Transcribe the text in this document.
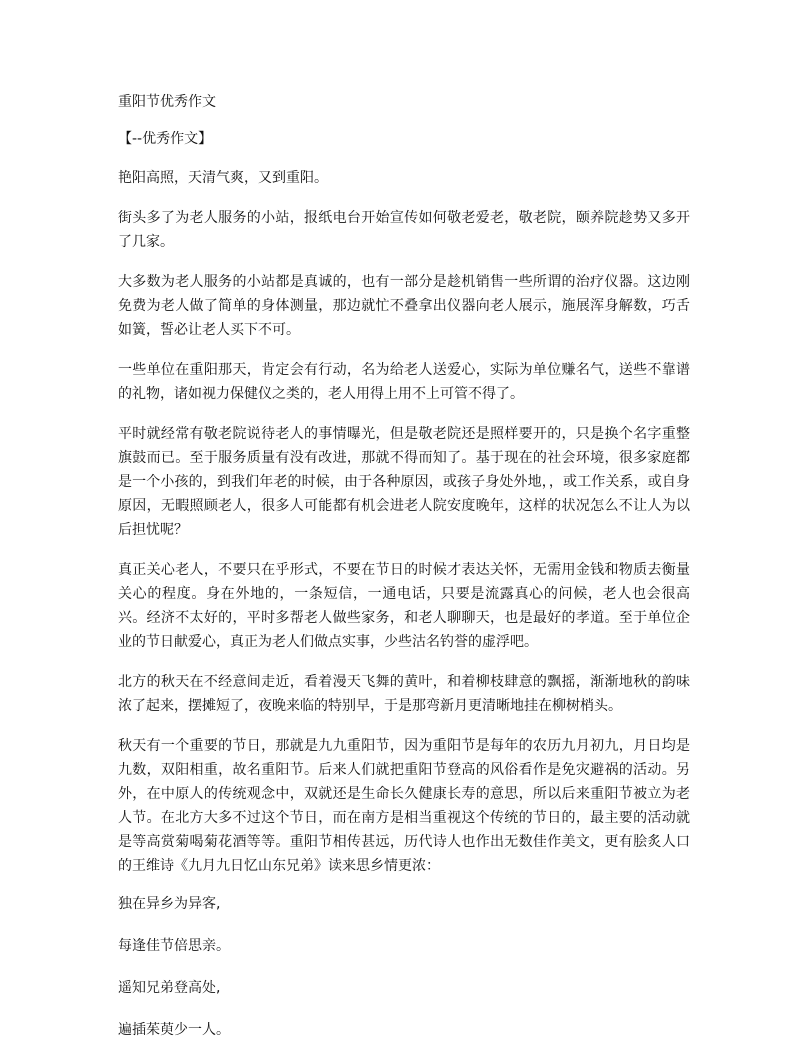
重阳节优秀作文
【--优秀作文】

艳阳高照，天清气爽，又到重阳。

街头多了为老人服务的小站，报纸电台开始宣传如何敬老爱老，敬老院，颐养院趁势又多开了几家。

大多数为老人服务的小站都是真诚的，也有一部分是趁机销售一些所谓的治疗仪器。这边刚免费为老人做了简单的身体测量，那边就忙不叠拿出仪器向老人展示，施展浑身解数，巧舌如簧，誓必让老人买下不可。

一些单位在重阳那天，肯定会有行动，名为给老人送爱心，实际为单位赚名气，送些不靠谱的礼物，诸如视力保健仪之类的，老人用得上用不上可管不得了。

平时就经常有敬老院说待老人的事情曝光，但是敬老院还是照样要开的，只是换个名字重整旗鼓而已。至于服务质量有没有改进，那就不得而知了。基于现在的社会环境，很多家庭都是一个小孩的，到我们年老的时候，由于各种原因，或孩子身处外地，，或工作关系，或自身原因，无暇照顾老人，很多人可能都有机会进老人院安度晚年，这样的状况怎么不让人为以后担忧呢？

真正关心老人，不要只在乎形式，不要在节日的时候才表达关怀，无需用金钱和物质去衡量关心的程度。身在外地的，一条短信，一通电话，只要是流露真心的问候，老人也会很高兴。经济不太好的，平时多帮老人做些家务，和老人聊聊天，也是最好的孝道。至于单位企业的节日献爱心，真正为老人们做点实事，少些沽名钓誉的虚浮吧。

北方的秋天在不经意间走近，看着漫天飞舞的黄叶，和着柳枝肆意的飘摇，渐渐地秋的韵味浓了起来，摆摊短了，夜晚来临的特别早，于是那弯新月更清晰地挂在柳树梢头。

秋天有一个重要的节日，那就是九九重阳节，因为重阳节是每年的农历九月初九，月日均是九数，双阳相重，故名重阳节。后来人们就把重阳节登高的风俗看作是免灾避祸的活动。另外，在中原人的传统观念中，双就还是生命长久健康长寿的意思，所以后来重阳节被立为老人节。在北方大多不过这个节日，而在南方是相当重视这个传统的节日的，最主要的活动就是等高赏菊喝菊花酒等等。重阳节相传甚远，历代诗人也作出无数佳作美文，更有脍炙人口的王维诗《九月九日忆山东兄弟》读来思乡情更浓：

独在异乡为异客,
每逢佳节倍思亲。
遥知兄弟登高处,
遍插茱萸少一人。
